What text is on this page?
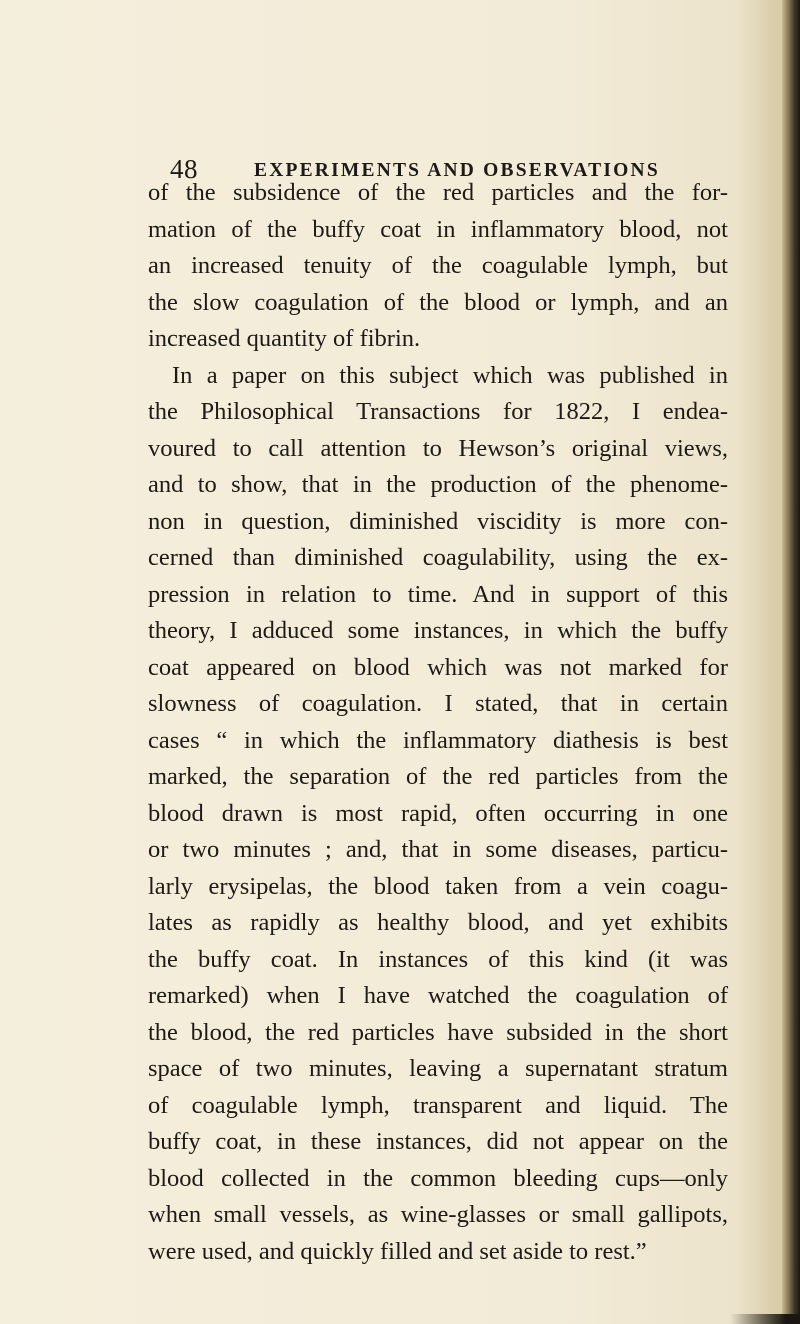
48	EXPERIMENTS AND OBSERVATIONS
of the subsidence of the red particles and the for-
mation of the buffy coat in inflammatory blood, not
an increased tenuity of the coagulable lymph, but
the slow coagulation of the blood or lymph, and an
increased quantity of fibrin.
In a paper on this subject which was published in
the Philosophical Transactions for 1822, I endea-
voured to call attention to Hewson’s original views,
and to show, that in the production of the phenome-
non in question, diminished viscidity is more con-
cerned than diminished coagulability, using the ex-
pression in relation to time. And in support of this
theory, I adduced some instances, in which the buffy
coat appeared on blood which was not marked for
slowness of coagulation. I stated, that in certain
cases “ in which the inflammatory diathesis is best
marked, the separation of the red particles from the
blood drawn is most rapid, often occurring in one
or two minutes ; and, that in some diseases, particu-
larly erysipelas, the blood taken from a vein coagu-
lates as rapidly as healthy blood, and yet exhibits
the buffy coat. In instances of this kind (it was
remarked) when I have watched the coagulation of
the blood, the red particles have subsided in the short
space of two minutes, leaving a supernatant stratum
of coagulable lymph, transparent and liquid. The
buffy coat, in these instances, did not appear on the
blood collected in the common bleeding cups—only
when small vessels, as wine-glasses or small gallipots,
were used, and quickly filled and set aside to rest.”
